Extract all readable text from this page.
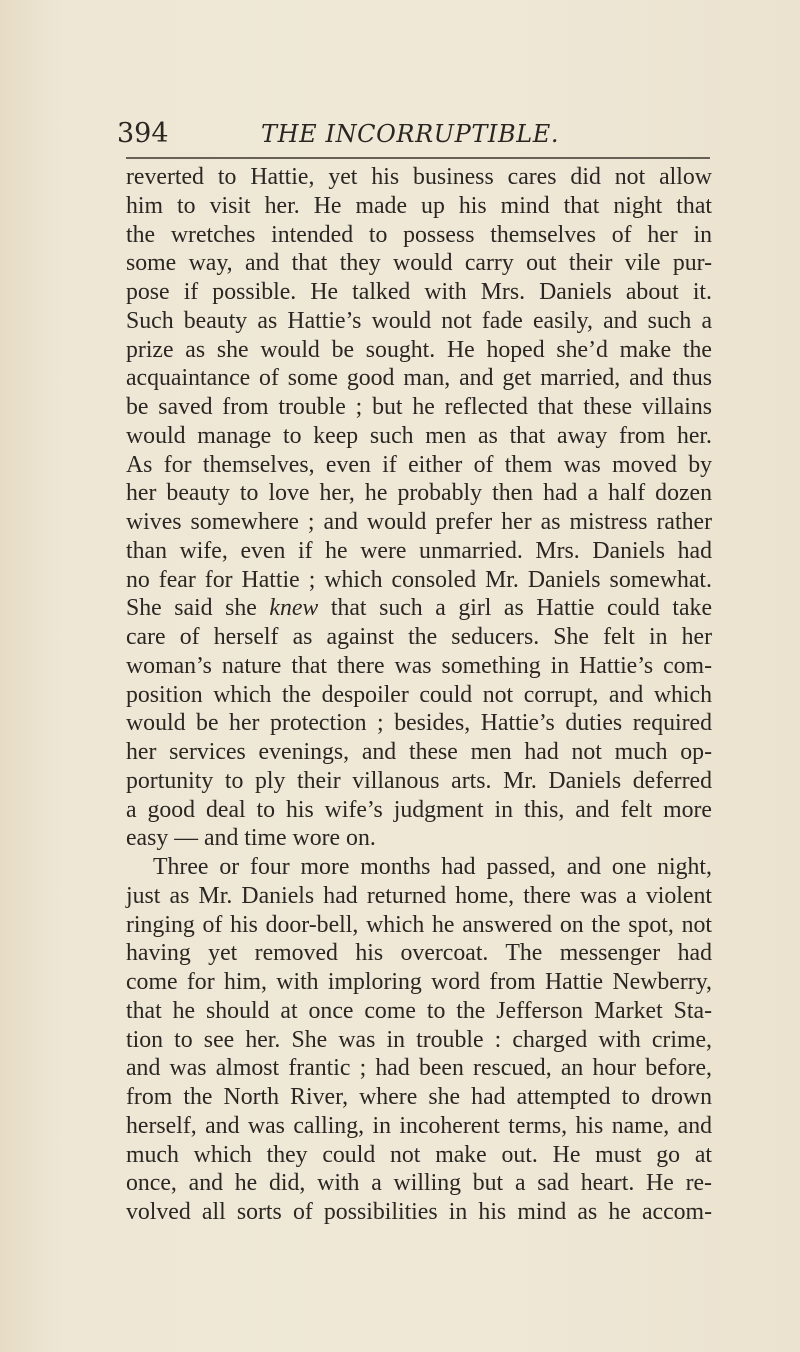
394	THE INCORRUPTIBLE.
reverted to Hattie, yet his business cares did not allow
him to visit her. He made up his mind that night that
the wretches intended to possess themselves of her in
some way, and that they would carry out their vile pur-
pose if possible. He talked with Mrs. Daniels about it.
Such beauty as Hattie’s would not fade easily, and such a
prize as she would be sought. He hoped she’d make the
acquaintance of some good man, and get married, and thus
be saved from trouble ; but he reflected that these villains
would manage to keep such men as that away from her.
As for themselves, even if either of them was moved by
her beauty to love her, he probably then had a half dozen
wives somewhere ; and would prefer her as mistress rather
than wife, even if he were unmarried. Mrs. Daniels had
no fear for Hattie ; which consoled Mr. Daniels somewhat.
She said she knew that such a girl as Hattie could take
care of herself as against the seducers. She felt in her
woman’s nature that there was something in Hattie’s com-
position which the despoiler could not corrupt, and which
would be her protection ; besides, Hattie’s duties required
her services evenings, and these men had not much op-
portunity to ply their villanous arts. Mr. Daniels deferred
a good deal to his wife’s judgment in this, and felt more
easy — and time wore on.
Three or four more months had passed, and one night,
just as Mr. Daniels had returned home, there was a violent
ringing of his door-bell, which he answered on the spot, not
having yet removed his overcoat. The messenger had
come for him, with imploring word from Hattie Newberry,
that he should at once come to the Jefferson Market Sta-
tion to see her. She was in trouble : charged with crime,
and was almost frantic ; had been rescued, an hour before,
from the North River, where she had attempted to drown
herself, and was calling, in incoherent terms, his name, and
much which they could not make out. He must go at
once, and he did, with a willing but a sad heart. He re-
volved all sorts of possibilities in his mind as he accom-
